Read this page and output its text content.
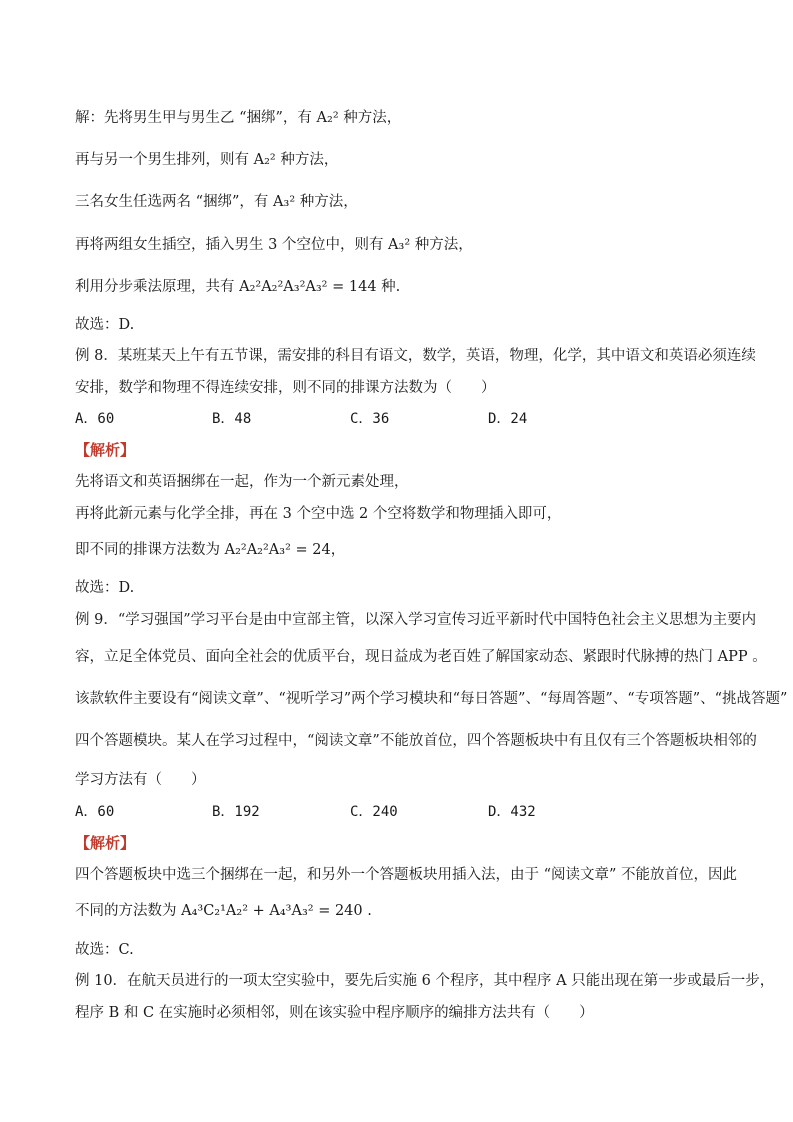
解：先将男生甲与男生乙 “捆绑”，有 A₂² 种方法，
再与另一个男生排列，则有 A₂² 种方法，
三名女生任选两名 “捆绑”，有 A₃² 种方法，
再将两组女生插空，插入男生 3 个空位中，则有 A₃² 种方法，
利用分步乘法原理，共有 A₂²A₂²A₃²A₃² = 144 种.
故选：D.
例 8．某班某天上午有五节课，需安排的科目有语文，数学，英语，物理，化学，其中语文和英语必须连续
安排，数学和物理不得连续安排，则不同的排课方法数为（　　）
A．60	B．48	C．36	D．24
【解析】
先将语文和英语捆绑在一起，作为一个新元素处理，
再将此新元素与化学全排，再在 3 个空中选 2 个空将数学和物理插入即可，
即不同的排课方法数为 A₂²A₂²A₃² = 24，
故选：D.
例 9．“学习强国”学习平台是由中宣部主管，以深入学习宣传习近平新时代中国特色社会主义思想为主要内
容，立足全体党员、面向全社会的优质平台，现日益成为老百姓了解国家动态、紧跟时代脉搏的热门 APP 。
该款软件主要设有“阅读文章”、“视听学习”两个学习模块和“每日答题”、“每周答题”、“专项答题”、“挑战答题”
四个答题模块。某人在学习过程中，“阅读文章”不能放首位，四个答题板块中有且仅有三个答题板块相邻的
学习方法有（　　）
A．60	B．192	C．240	D．432
【解析】
四个答题板块中选三个捆绑在一起，和另外一个答题板块用插入法，由于 “阅读文章” 不能放首位，因此
不同的方法数为 A₄³C₂¹A₂² + A₄³A₃² = 240 .
故选：C.
例 10．在航天员进行的一项太空实验中，要先后实施 6 个程序，其中程序 A 只能出现在第一步或最后一步，
程序 B 和 C 在实施时必须相邻，则在该实验中程序顺序的编排方法共有（　　）
